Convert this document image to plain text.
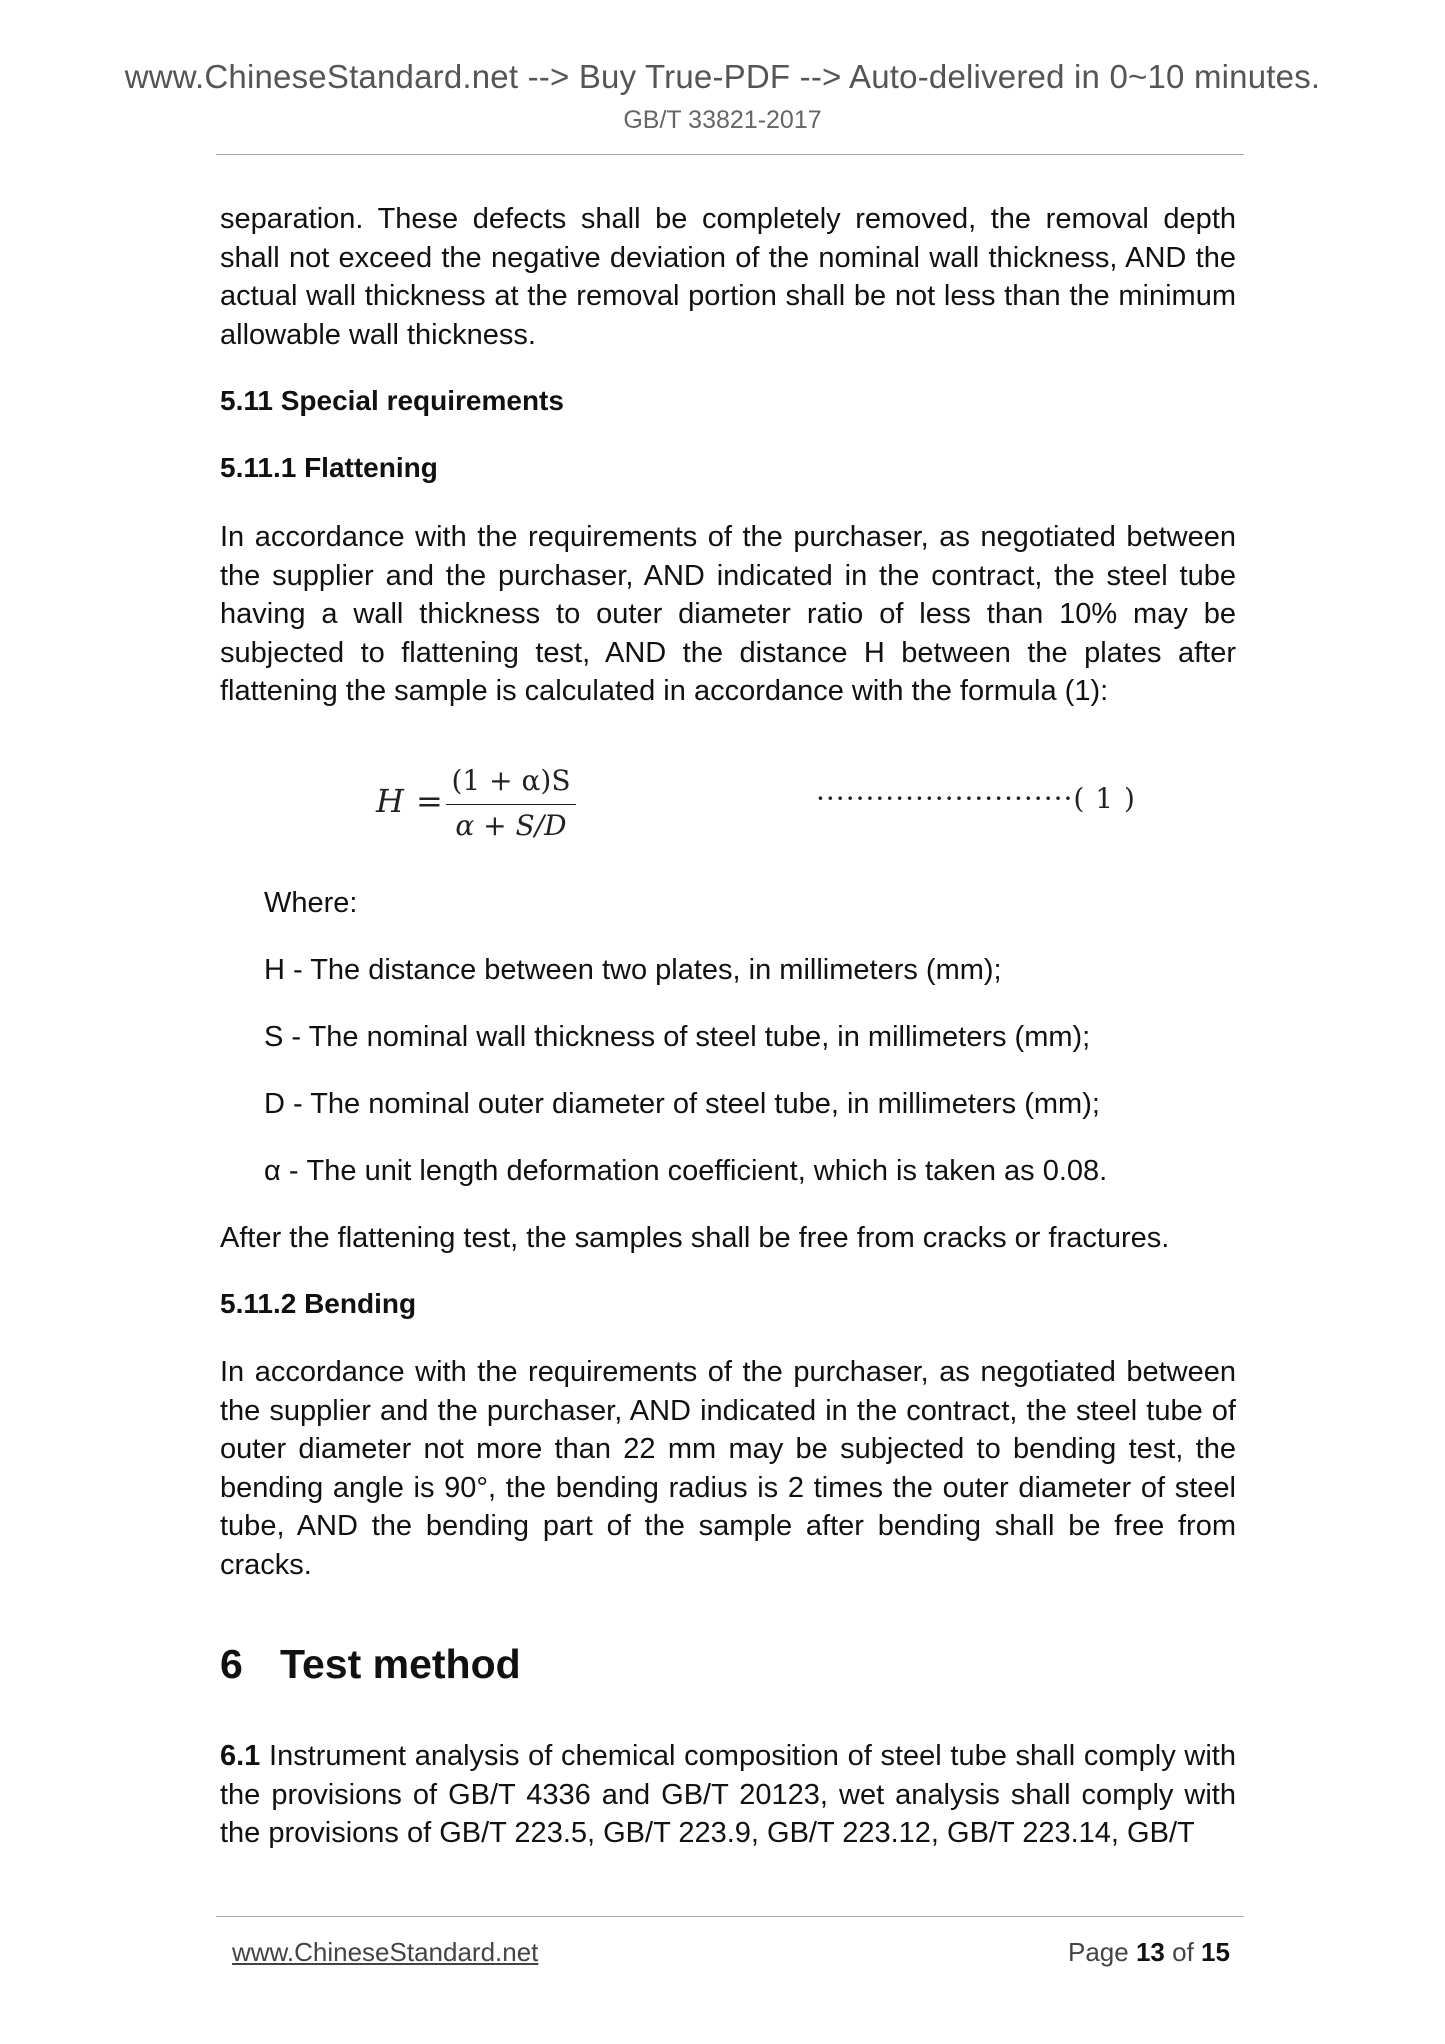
www.ChineseStandard.net --> Buy True-PDF --> Auto-delivered in 0~10 minutes.
GB/T 33821-2017
separation. These defects shall be completely removed, the removal depth shall not exceed the negative deviation of the nominal wall thickness, AND the actual wall thickness at the removal portion shall be not less than the minimum allowable wall thickness.
5.11 Special requirements
5.11.1 Flattening
In accordance with the requirements of the purchaser, as negotiated between the supplier and the purchaser, AND indicated in the contract, the steel tube having a wall thickness to outer diameter ratio of less than 10% may be subjected to flattening test, AND the distance H between the plates after flattening the sample is calculated in accordance with the formula (1):
H =
(1 + α)S
α + S/D
··························( 1 )
Where:
H - The distance between two plates, in millimeters (mm);
S - The nominal wall thickness of steel tube, in millimeters (mm);
D - The nominal outer diameter of steel tube, in millimeters (mm);
α - The unit length deformation coefficient, which is taken as 0.08.
After the flattening test, the samples shall be free from cracks or fractures.
5.11.2 Bending
In accordance with the requirements of the purchaser, as negotiated between the supplier and the purchaser, AND indicated in the contract, the steel tube of outer diameter not more than 22 mm may be subjected to bending test, the bending angle is 90°, the bending radius is 2 times the outer diameter of steel tube, AND the bending part of the sample after bending shall be free from cracks.
6 Test method
6.1 Instrument analysis of chemical composition of steel tube shall comply with the provisions of GB/T 4336 and GB/T 20123, wet analysis shall comply with the provisions of GB/T 223.5, GB/T 223.9, GB/T 223.12, GB/T 223.14, GB/T
www.ChineseStandard.net	Page 13 of 15
